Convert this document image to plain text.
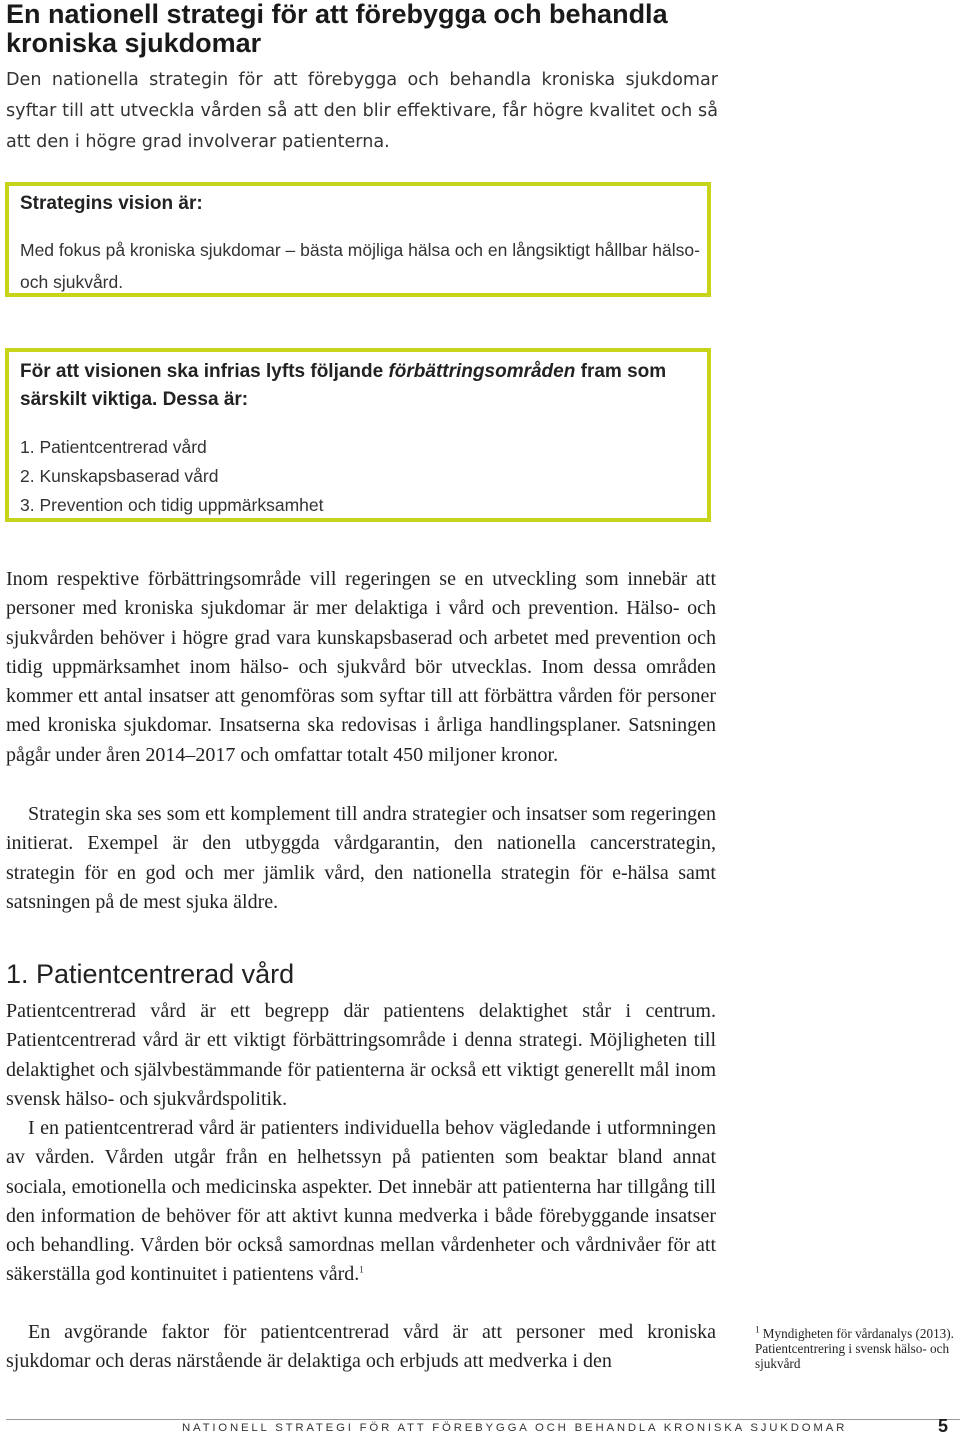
En nationell strategi för att förebygga och behandla kroniska sjukdomar

Den nationella strategin för att förebygga och behandla kroniska sjukdomar syftar till att utveckla vården så att den blir effektivare, får högre kvalitet och så att den i högre grad involverar patienterna.

Strategins vision är:

Med fokus på kroniska sjukdomar – bästa möjliga hälsa och en långsiktigt hållbar hälso- och sjukvård.

För att visionen ska infrias lyfts följande förbättringsområden fram som särskilt viktiga. Dessa är:

1. Patientcentrerad vård
2. Kunskapsbaserad vård
3. Prevention och tidig uppmärksamhet

Inom respektive förbättringsområde vill regeringen se en utveckling som innebär att personer med kroniska sjukdomar är mer delaktiga i vård och prevention. Hälso- och sjukvården behöver i högre grad vara kunskapsbaserad och arbetet med prevention och tidig uppmärksamhet inom hälso- och sjukvård bör utvecklas. Inom dessa områden kommer ett antal insatser att genomföras som syftar till att förbättra vården för personer med kroniska sjukdomar. Insatserna ska redovisas i årliga handlingsplaner. Satsningen pågår under åren 2014–2017 och omfattar totalt 450 miljoner kronor.

Strategin ska ses som ett komplement till andra strategier och insatser som regeringen initierat. Exempel är den utbyggda vårdgarantin, den nationella cancerstrategin, strategin för en god och mer jämlik vård, den nationella strategin för e-hälsa samt satsningen på de mest sjuka äldre.

1. Patientcentrerad vård

Patientcentrerad vård är ett begrepp där patientens delaktighet står i centrum. Patientcentrerad vård är ett viktigt förbättringsområde i denna strategi. Möjligheten till delaktighet och självbestämmande för patienterna är också ett viktigt generellt mål inom svensk hälso- och sjukvårdspolitik.

I en patientcentrerad vård är patienters individuella behov vägledande i utformningen av vården. Vården utgår från en helhetssyn på patienten som beaktar bland annat sociala, emotionella och medicinska aspekter. Det innebär att patienterna har tillgång till den information de behöver för att aktivt kunna medverka i både förebyggande insatser och behandling. Vården bör också samordnas mellan vårdenheter och vårdnivåer för att säkerställa god kontinuitet i patientens vård.$^1$

En avgörande faktor för patientcentrerad vård är att personer med kroniska sjukdomar och deras närstående är delaktiga och erbjuds att medverka i den

$^1$ Myndigheten för vårdanalys (2013). Patientcentrering i svensk hälso- och sjukvård

NATIONELL STRATEGI FÖR ATT FÖREBYGGA OCH BEHANDLA KRONISKA SJUKDOMAR	5
